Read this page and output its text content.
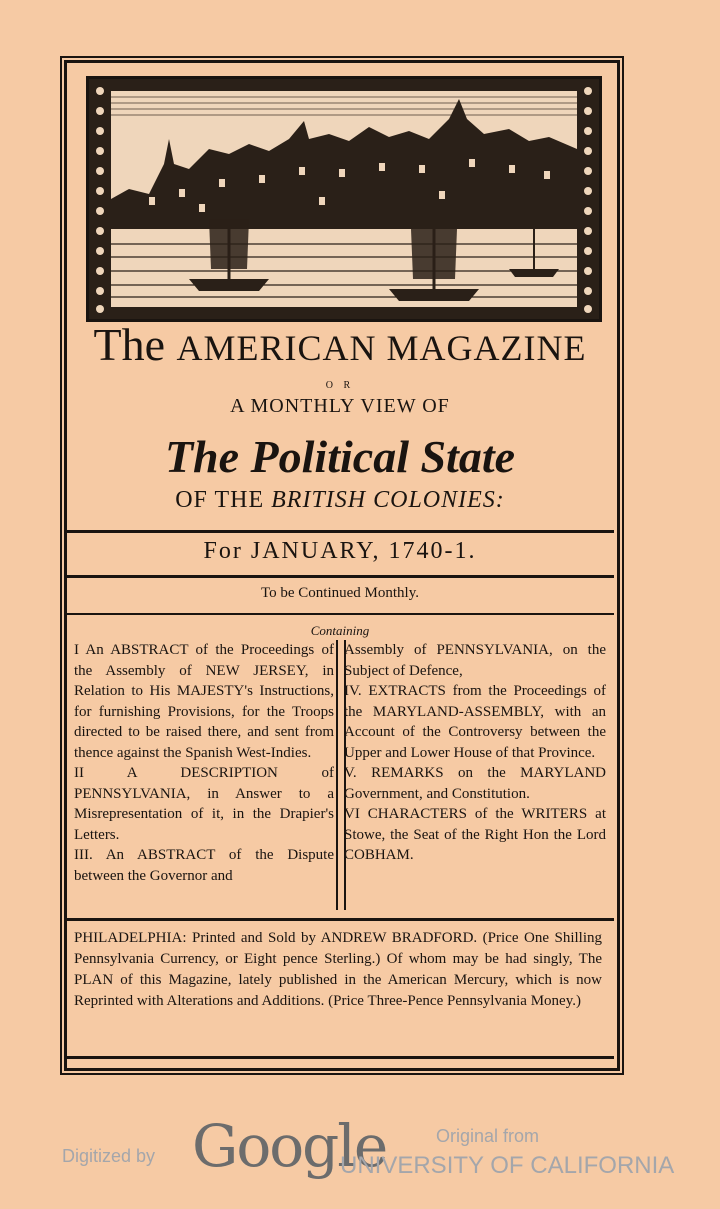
The AMERICAN MAGAZINE
O R
A MONTHLY VIEW OF
The Political State
OF THE BRITISH COLONIES:
For JANUARY, 1740-1.
To be Continued Monthly.
Containing

I An ABSTRACT of the Proceedings of the Assembly of NEW JERSEY, in Relation to His MAJESTY's Instructions, for furnishing Provisions, for the Troops directed to be raised there, and sent from thence against the Spanish West-Indies.

II A DESCRIPTION of PENNSYLVANIA, in Answer to a Misrepresentation of it, in the Drapier's Letters.

III. An ABSTRACT of the Dispute between the Governor and

Assembly of PENNSYLVANIA, on the Subject of Defence,

IV. EXTRACTS from the Proceedings of the MARYLAND-ASSEMBLY, with an Account of the Controversy between the Upper and Lower House of that Province.

V. REMARKS on the MARYLAND Government, and Constitution.

VI CHARACTERS of the WRITERS at Stowe, the Seat of the Right Hon the Lord COBHAM.

PHILADELPHIA: Printed and Sold by ANDREW BRADFORD. (Price One Shilling Pennsylvania Currency, or Eight pence Sterling.) Of whom may be had singly, The PLAN of this Magazine, lately published in the American Mercury, which is now Reprinted with Alterations and Additions. (Price Three-Pence Pennsylvania Money.)
Digitized by Google	Original from
UNIVERSITY OF CALIFORNIA
